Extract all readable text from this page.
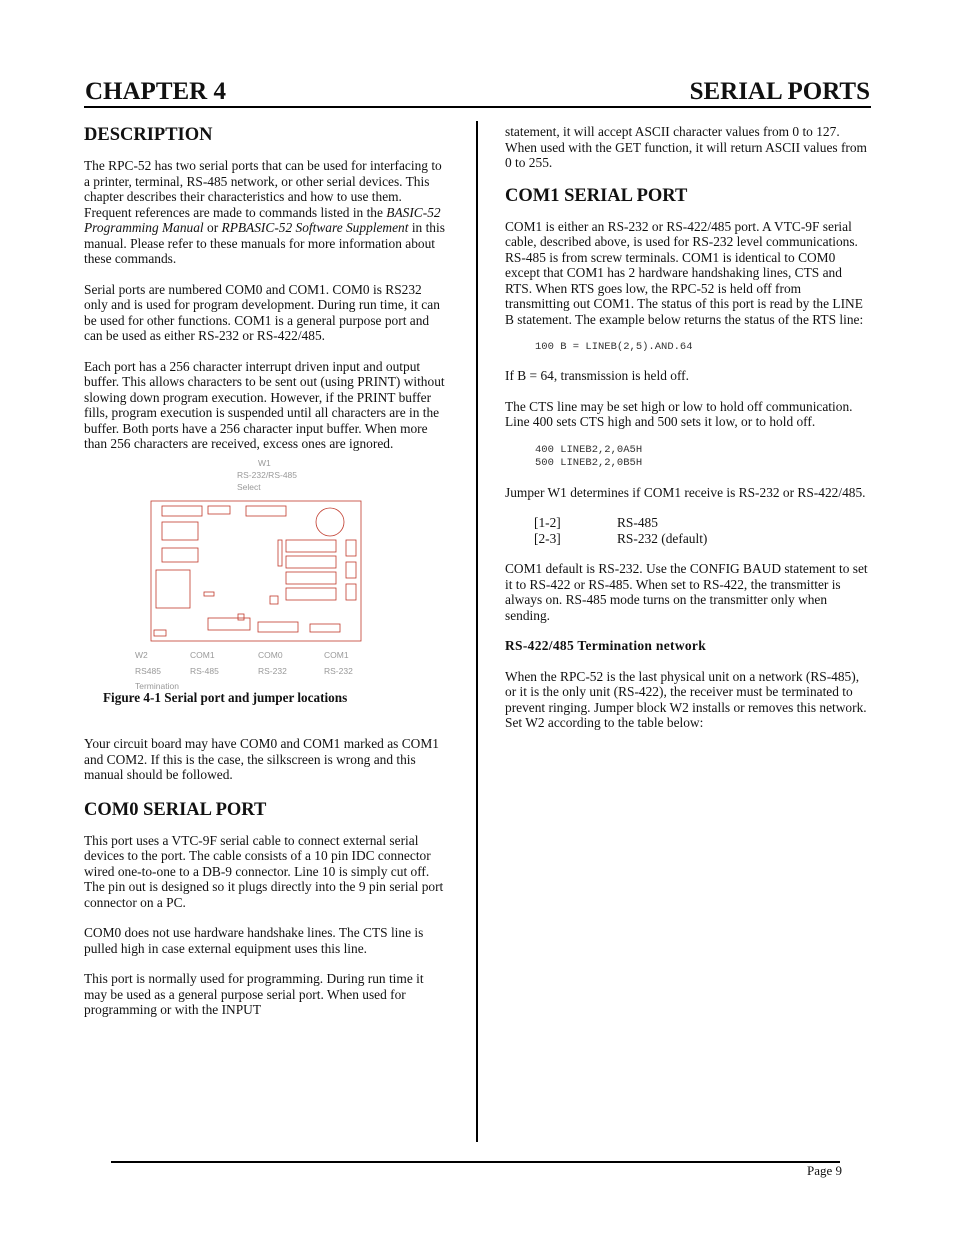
CHAPTER 4	SERIAL PORTS
DESCRIPTION

The RPC-52 has two serial ports that can be used for interfacing to a printer, terminal, RS-485 network, or other serial devices. This chapter describes their characteristics and how to use them. Frequent references are made to commands listed in the BASIC-52 Programming Manual or RPBASIC-52 Software Supplement in this manual. Please refer to these manuals for more information about these commands.

Serial ports are numbered COM0 and COM1. COM0 is RS232 only and is used for program development. During run time, it can be used for other functions. COM1 is a general purpose port and can be used as either RS-232 or RS-422/485.

Each port has a 256 character interrupt driven input and output buffer. This allows characters to be sent out (using PRINT) without slowing down program execution. However, if the PRINT buffer fills, program execution is suspended until all characters are in the buffer. Both ports have a 256 character input buffer. When more than 256 characters are received, excess ones are ignored.

W1
RS-232/RS-485
Select
W2
RS485
Termination
COM1
RS-485
COM0
RS-232
COM1
RS-232

Figure 4-1 Serial port and jumper locations

Your circuit board may have COM0 and COM1 marked as COM1 and COM2. If this is the case, the silkscreen is wrong and this manual should be followed.

COM0 SERIAL PORT

This port uses a VTC-9F serial cable to connect external serial devices to the port. The cable consists of a 10 pin IDC connector wired one-to-one to a DB-9 connector. Line 10 is simply cut off. The pin out is designed so it plugs directly into the 9 pin serial port connector on a PC.

COM0 does not use hardware handshake lines. The CTS line is pulled high in case external equipment uses this line.

This port is normally used for programming. During run time it may be used as a general purpose serial port. When used for programming or with the INPUT

statement, it will accept ASCII character values from 0 to 127. When used with the GET function, it will return ASCII values from 0 to 255.

COM1 SERIAL PORT

COM1 is either an RS-232 or RS-422/485 port. A VTC-9F serial cable, described above, is used for RS-232 level communications. RS-485 is from screw terminals. COM1 is identical to COM0 except that COM1 has 2 hardware handshaking lines, CTS and RTS. When RTS goes low, the RPC-52 is held off from transmitting out COM1. The status of this port is read by the LINE B statement. The example below returns the status of the RTS line:

100 B = LINEB(2,5).AND.64

If B = 64, transmission is held off.

The CTS line may be set high or low to hold off communication. Line 400 sets CTS high and 500 sets it low, or to hold off.

400 LINEB2,2,0A5H
500 LINEB2,2,0B5H

Jumper W1 determines if COM1 receive is RS-232 or RS-422/485.

[1-2]	RS-485
[2-3]	RS-232 (default)

COM1 default is RS-232. Use the CONFIG BAUD statement to set it to RS-422 or RS-485. When set to RS-422, the transmitter is always on. RS-485 mode turns on the transmitter only when sending.

RS-422/485 Termination network

When the RPC-52 is the last physical unit on a network (RS-485), or it is the only unit (RS-422), the receiver must be terminated to prevent ringing. Jumper block W2 installs or removes this network. Set W2 according to the table below:

Page 9
